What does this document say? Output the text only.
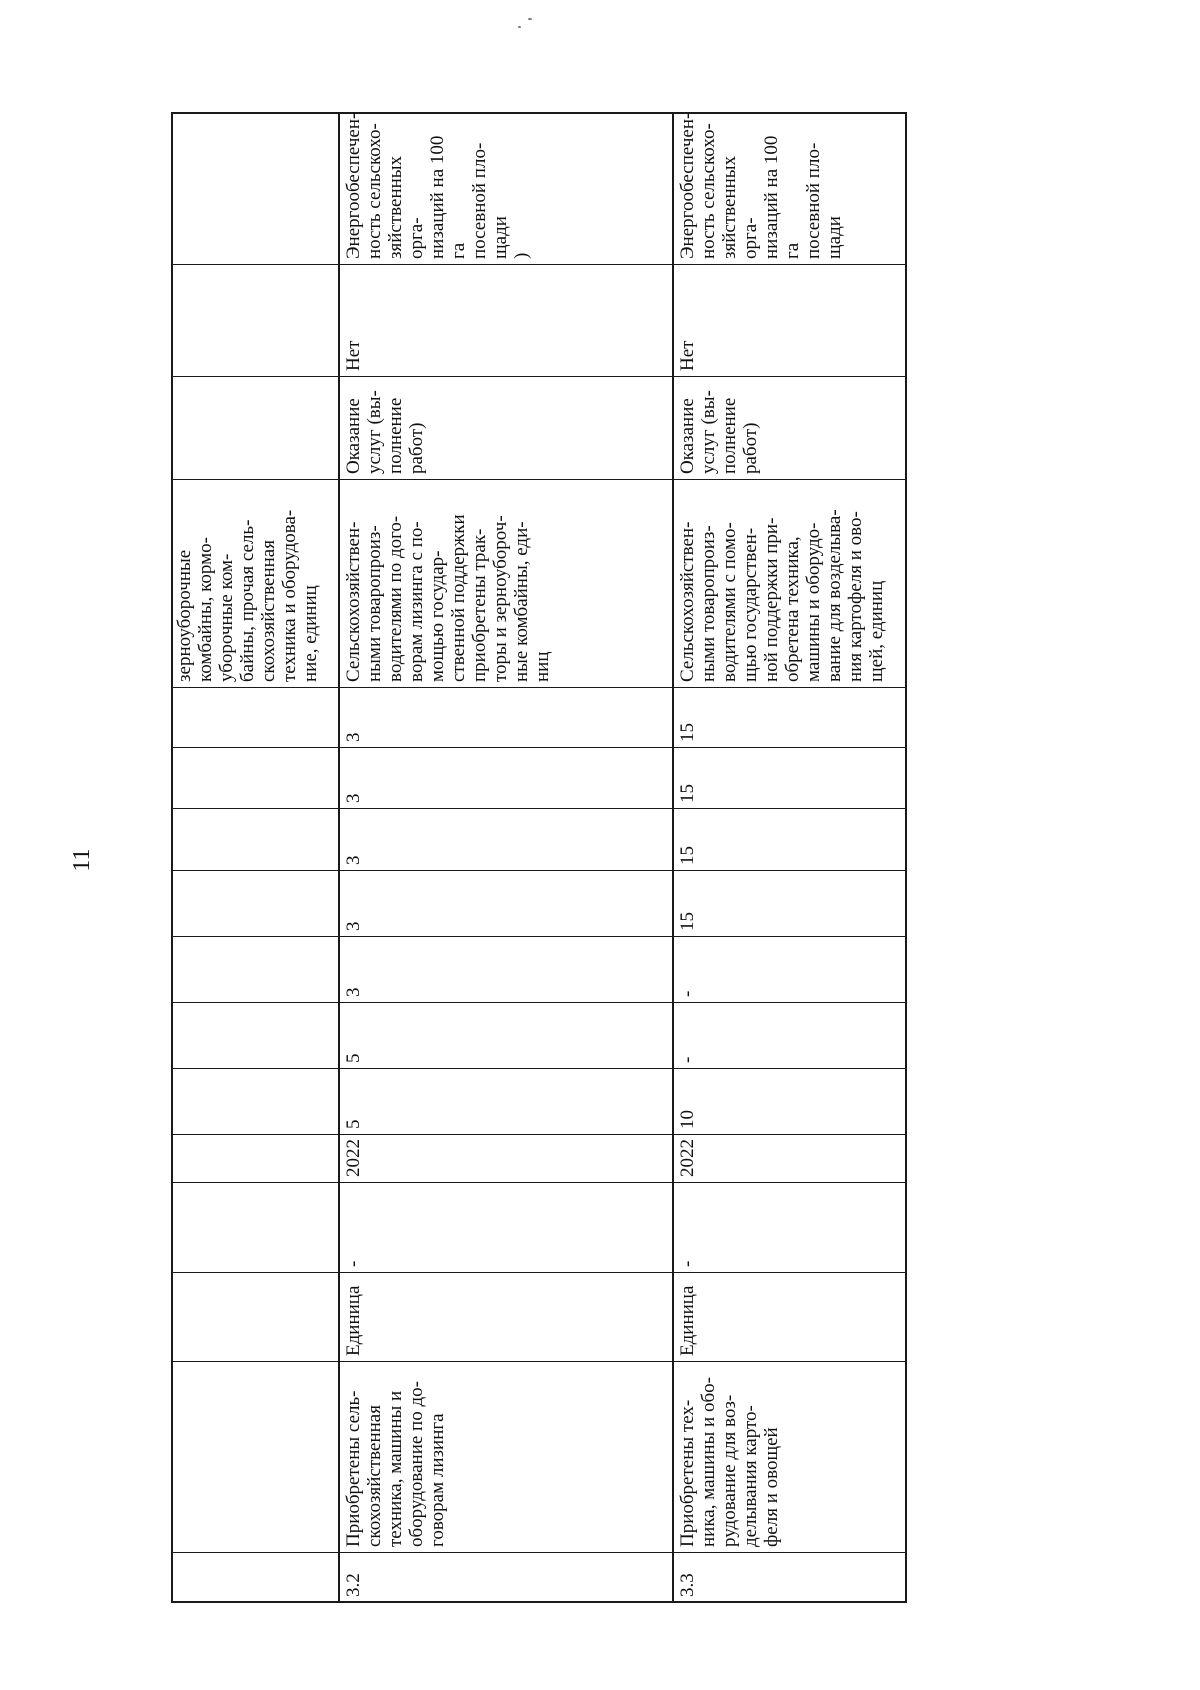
11
зерноуборочные
комбайны, кормо-
уборочные ком-
байны, прочая сель-
скохозяйственная
техника и оборудова-
ние, единиц
3.2
Приобретены сель-
скохозяйственная
техника, машины и
оборудование по до-
говорам лизинга
Единица
-
2022
5
5
3
3
3
3
3
Сельскохозяйствен-
ными товаропроиз-
водителями по дого-
ворам лизинга с по-
мощью государ-
ственной поддержки
приобретены трак-
торы и зерноубороч-
ные комбайны, еди-
ниц
Оказание
услуг (вы-
полнение
работ)
Нет
Энергообеспечен-
ность сельскохо-
зяйственных орга-
низаций на 100 га
посевной пло-
щади
)
3.3
Приобретены тех-
ника, машины и обо-
рудование для воз-
делывания карто-
феля и овощей
Единица
-
2022
10
-
-
15
15
15
15
Сельскохозяйствен-
ными товаропроиз-
водителями с помо-
щью государствен-
ной поддержки при-
обретена техника,
машины и оборудо-
вание для возделыва-
ния картофеля и ово-
щей, единиц
Оказание
услуг (вы-
полнение
работ)
Нет
Энергообеспечен-
ность сельскохо-
зяйственных орга-
низаций на 100 га
посевной пло-
щади
